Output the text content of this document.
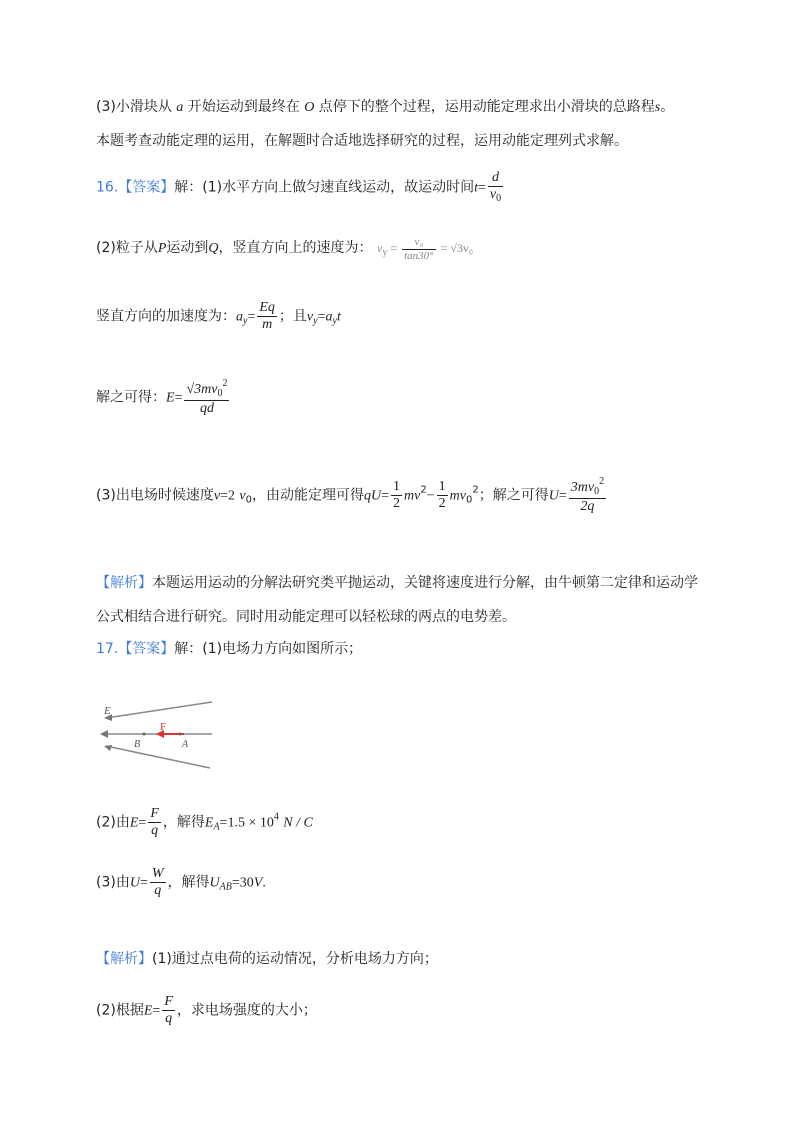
(3)小滑块从 a 开始运动到最终在 O 点停下的整个过程，运用动能定理求出小滑块的总路程s。
本题考查动能定理的运用，在解题时合适地选择研究的过程，运用动能定理列式求解。
16.【答案】解：(1)水平方向上做匀速直线运动，故运动时间$t= \frac{d}{v_0}$
(2)粒子从P运动到Q，竖直方向上的速度为： $v_y = \frac{\text{v₀}}{\tan 30^\circ} = √3v_0$
竖直方向的加速度为：$a_y= \frac{Eq}{m}$ ；且$v_y=a_yt$
解之可得：$E= \frac{√3mv_0^2}{qd}$
(3)出电场时候速度v=2 $v_0$，由动能定理可得$qU= \frac{1}{2} mv^2- \frac{1}{2} mv_0^2$；解之可得$U= \frac{3mv_0^2}{2q}$
【解析】本题运用运动的分解法研究类平抛运动，关键将速度进行分解，由牛顿第二定律和运动学
公式相结合进行研究。同时用动能定理可以轻松球的两点的电势差。
17.【答案】解：(1)电场力方向如图所示；
E
F
B	A
(2)由$E= \frac{F}{q}$ ，解得$E_A=1.5 \times 10^4$ N / C
(3)由$U= \frac{W}{q}$ ，解得$U_{AB}=30V$.
【解析】(1)通过点电荷的运动情况，分析电场力方向；
(2)根据$E= \frac{F}{q}$ ，求电场强度的大小；
